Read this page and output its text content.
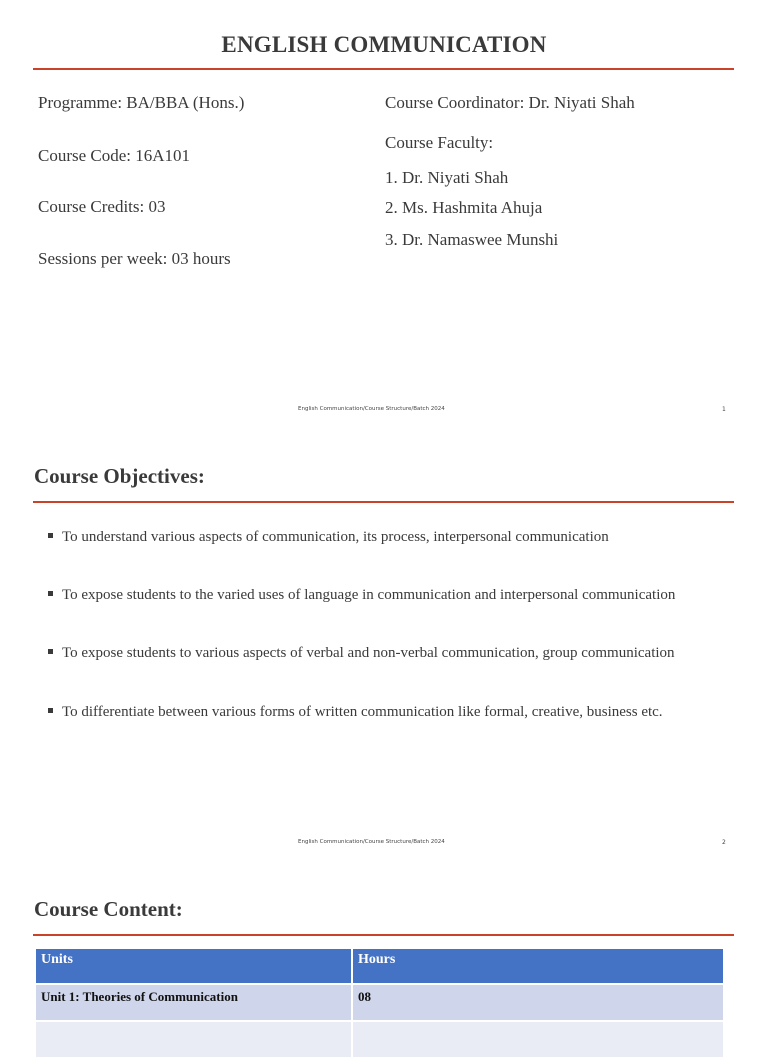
ENGLISH COMMUNICATION
Programme: BA/BBA (Hons.)
Course Code: 16A101
Course Credits: 03
Sessions per week: 03 hours
Course Coordinator: Dr. Niyati Shah
Course Faculty:
1. Dr. Niyati Shah
2. Ms. Hashmita Ahuja
3. Dr. Namaswee Munshi
English Communication/Course Structure/Batch 2024	1
Course Objectives:
To understand various aspects of communication, its process, interpersonal communication
To expose students to the varied uses of language in communication and interpersonal communication
To expose students to various aspects of verbal and non-verbal communication, group communication
To differentiate between various forms of written communication like formal, creative, business etc.
English Communication/Course Structure/Batch 2024	2
Course Content:
Units	Hours
Unit 1: Theories of Communication	08
